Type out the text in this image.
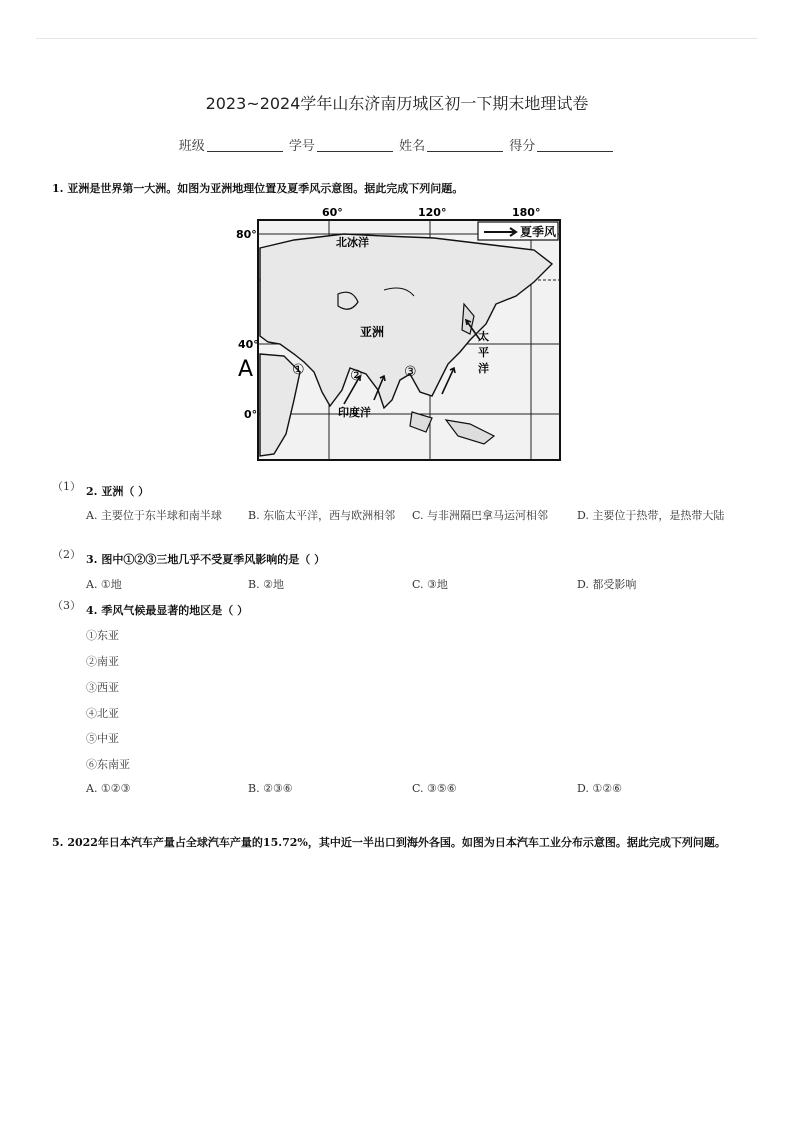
2023~2024学年山东济南历城区初一下期末地理试卷
班级	学号	姓名	得分
1. 亚洲是世界第一大洲。如图为亚洲地理位置及夏季风示意图。据此完成下列问题。
夏季风
60°	120°	180°
80°
40°
0°
A
北冰洋
亚洲	太
平
洋
印度洋
①	②	③
（1） 2. 亚洲（ ）
A. 主要位于东半球和南半球	B. 东临太平洋，西与欧洲相邻	C. 与非洲隔巴拿马运河相邻	D. 主要位于热带，是热带大陆
（2） 3. 图中①②③三地几乎不受夏季风影响的是（ ）
A. ①地	B. ②地	C. ③地	D. 都受影响
（3） 4. 季风气候最显著的地区是（ ）
①东亚
②南亚
③西亚
④北亚
⑤中亚
⑥东南亚
A. ①②③	B. ②③⑥	C. ③⑤⑥	D. ①②⑥
5. 2022年日本汽车产量占全球汽车产量的15.72%，其中近一半出口到海外各国。如图为日本汽车工业分布示意图。据此完成下列问题。
